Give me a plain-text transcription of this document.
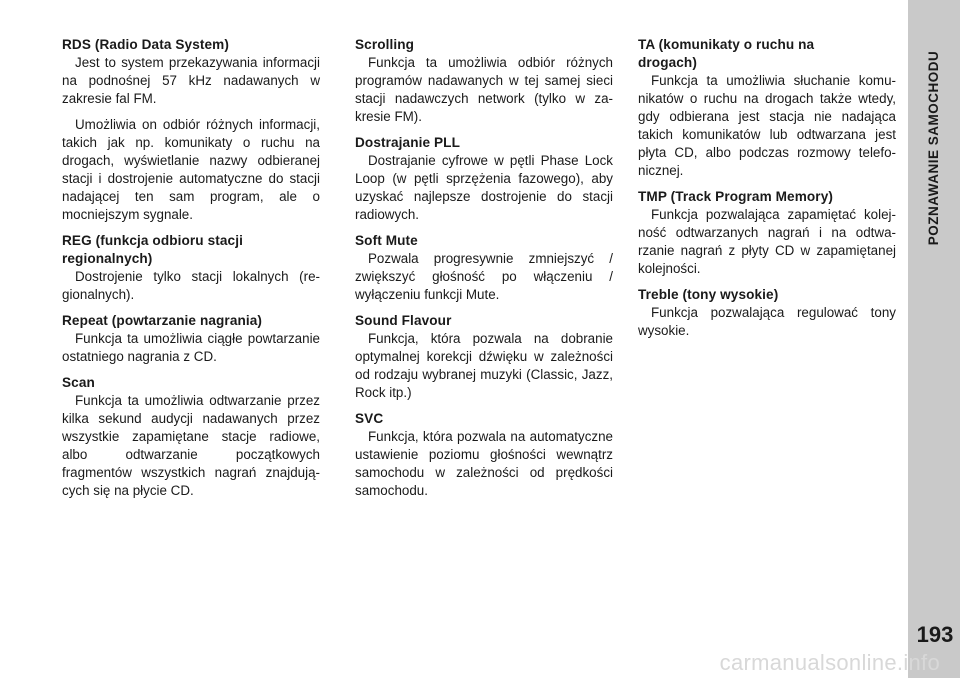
RDS (Radio Data System)

Jest to system przekazywania informacji na podnośnej 57 kHz nadawanych w zakresie fal FM.

Umożliwia on odbiór różnych informacji, takich jak np. komunikaty o ruchu na drogach, wyświetlanie nazwy odbieranej stacji i dostrojenie automatyczne do stacji nadającej ten sam program, ale o mocniejszym sygnale.

REG (funkcja odbioru stacji regionalnych)

Dostrojenie tylko stacji lokalnych (regionalnych).

Repeat (powtarzanie nagrania)

Funkcja ta umożliwia ciągłe powtarzanie ostatniego nagrania z CD.

Scan

Funkcja ta umożliwia odtwarzanie przez kilka sekund audycji nadawanych przez wszystkie zapamiętane stacje radiowe, albo odtwarzanie początkowych fragmentów wszystkich nagrań znajdujących się na płycie CD.

Scrolling

Funkcja ta umożliwia odbiór różnych programów nadawanych w tej samej sieci stacji nadawczych network (tylko w zakresie FM).

Dostrajanie PLL

Dostrajanie cyfrowe w pętli Phase Lock Loop (w pętli sprzężenia fazowego), aby uzyskać najlepsze dostrojenie do stacji radiowych.

Soft Mute

Pozwala progresywnie zmniejszyć / zwiększyć głośność po włączeniu / wyłączeniu funkcji Mute.

Sound Flavour

Funkcja, która pozwala na dobranie optymalnej korekcji dźwięku w zależności od rodzaju wybranej muzyki (Classic, Jazz, Rock itp.)

SVC

Funkcja, która pozwala na automatyczne ustawienie poziomu głośności wewnątrz samochodu w zależności od prędkości samochodu.

TA (komunikaty o ruchu na drogach)

Funkcja ta umożliwia słuchanie komunikatów o ruchu na drogach także wtedy, gdy odbierana jest stacja nie nadająca takich komunikatów lub odtwarzana jest płyta CD, albo podczas rozmowy telefonicznej.

TMP (Track Program Memory)

Funkcja pozwalająca zapamiętać kolejność odtwarzanych nagrań i na odtwarzanie nagrań z płyty CD w zapamiętanej kolejności.

Treble (tony wysokie)

Funkcja pozwalająca regulować tony wysokie.

POZNAWANIE SAMOCHODU
193
carmanualsonline.info
